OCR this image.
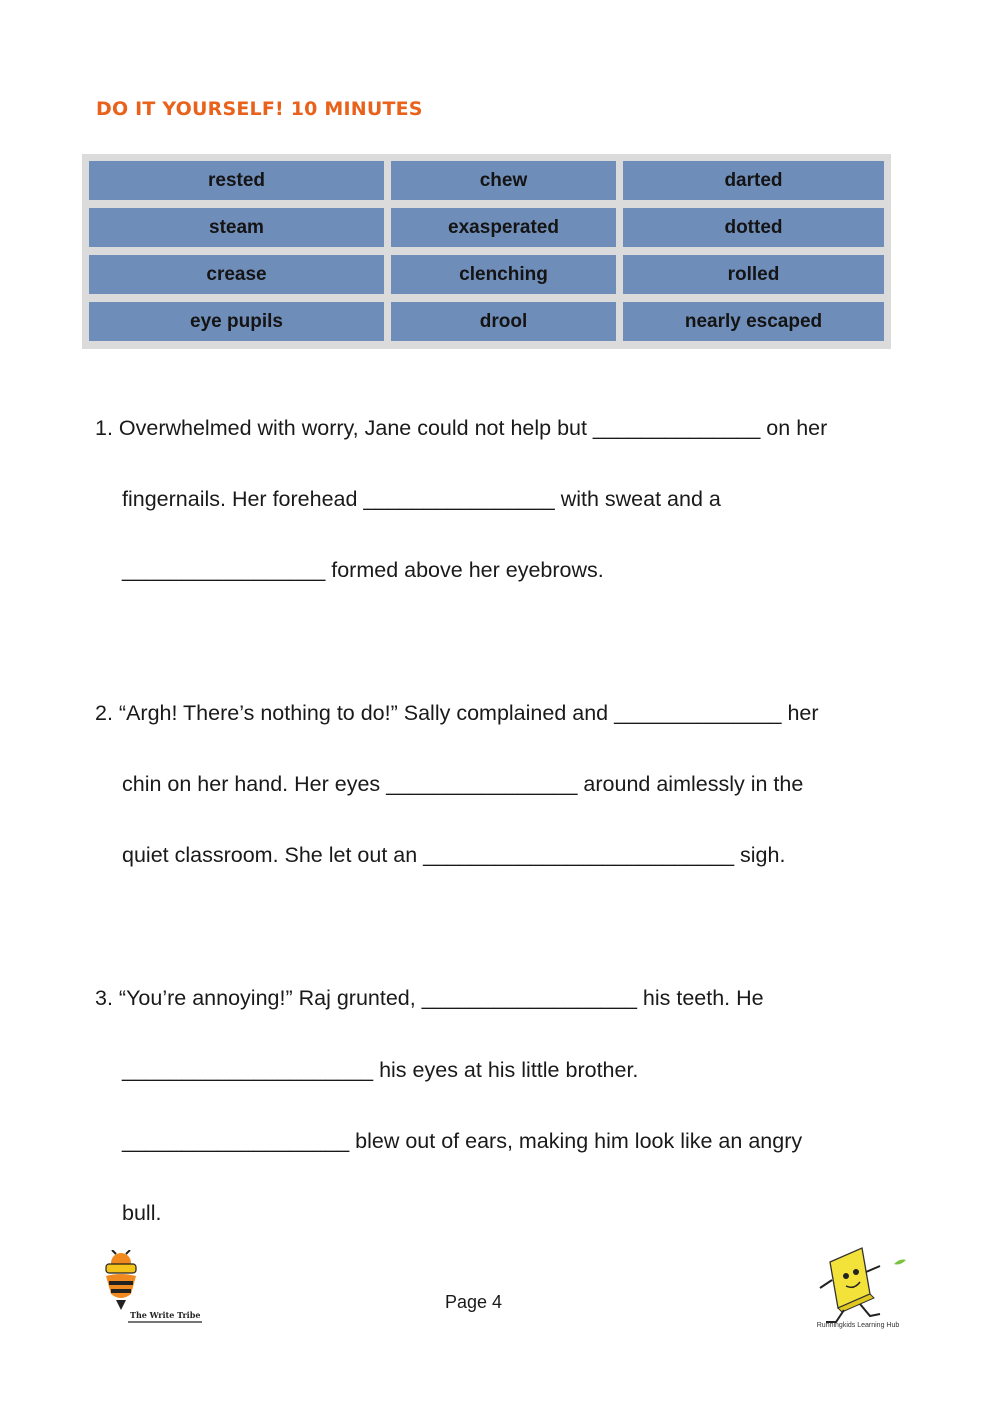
DO IT YOURSELF! 10 MINUTES
rested	chew	darted
steam	exasperated	dotted
crease	clenching	rolled
eye pupils	drool	nearly escaped
1. Overwhelmed with worry, Jane could not help but ______________ on her
fingernails. Her forehead ________________ with sweat and a
_________________ formed above her eyebrows.
2. “Argh! There’s nothing to do!” Sally complained and ______________ her
chin on her hand. Her eyes ________________ around aimlessly in the
quiet classroom. She let out an __________________________ sigh.
3. “You’re annoying!” Raj grunted, __________________ his teeth. He
_____________________ his eyes at his little brother.
___________________ blew out of ears, making him look like an angry
bull.
The Write Tribe
Page 4
Runningkids Learning Hub
